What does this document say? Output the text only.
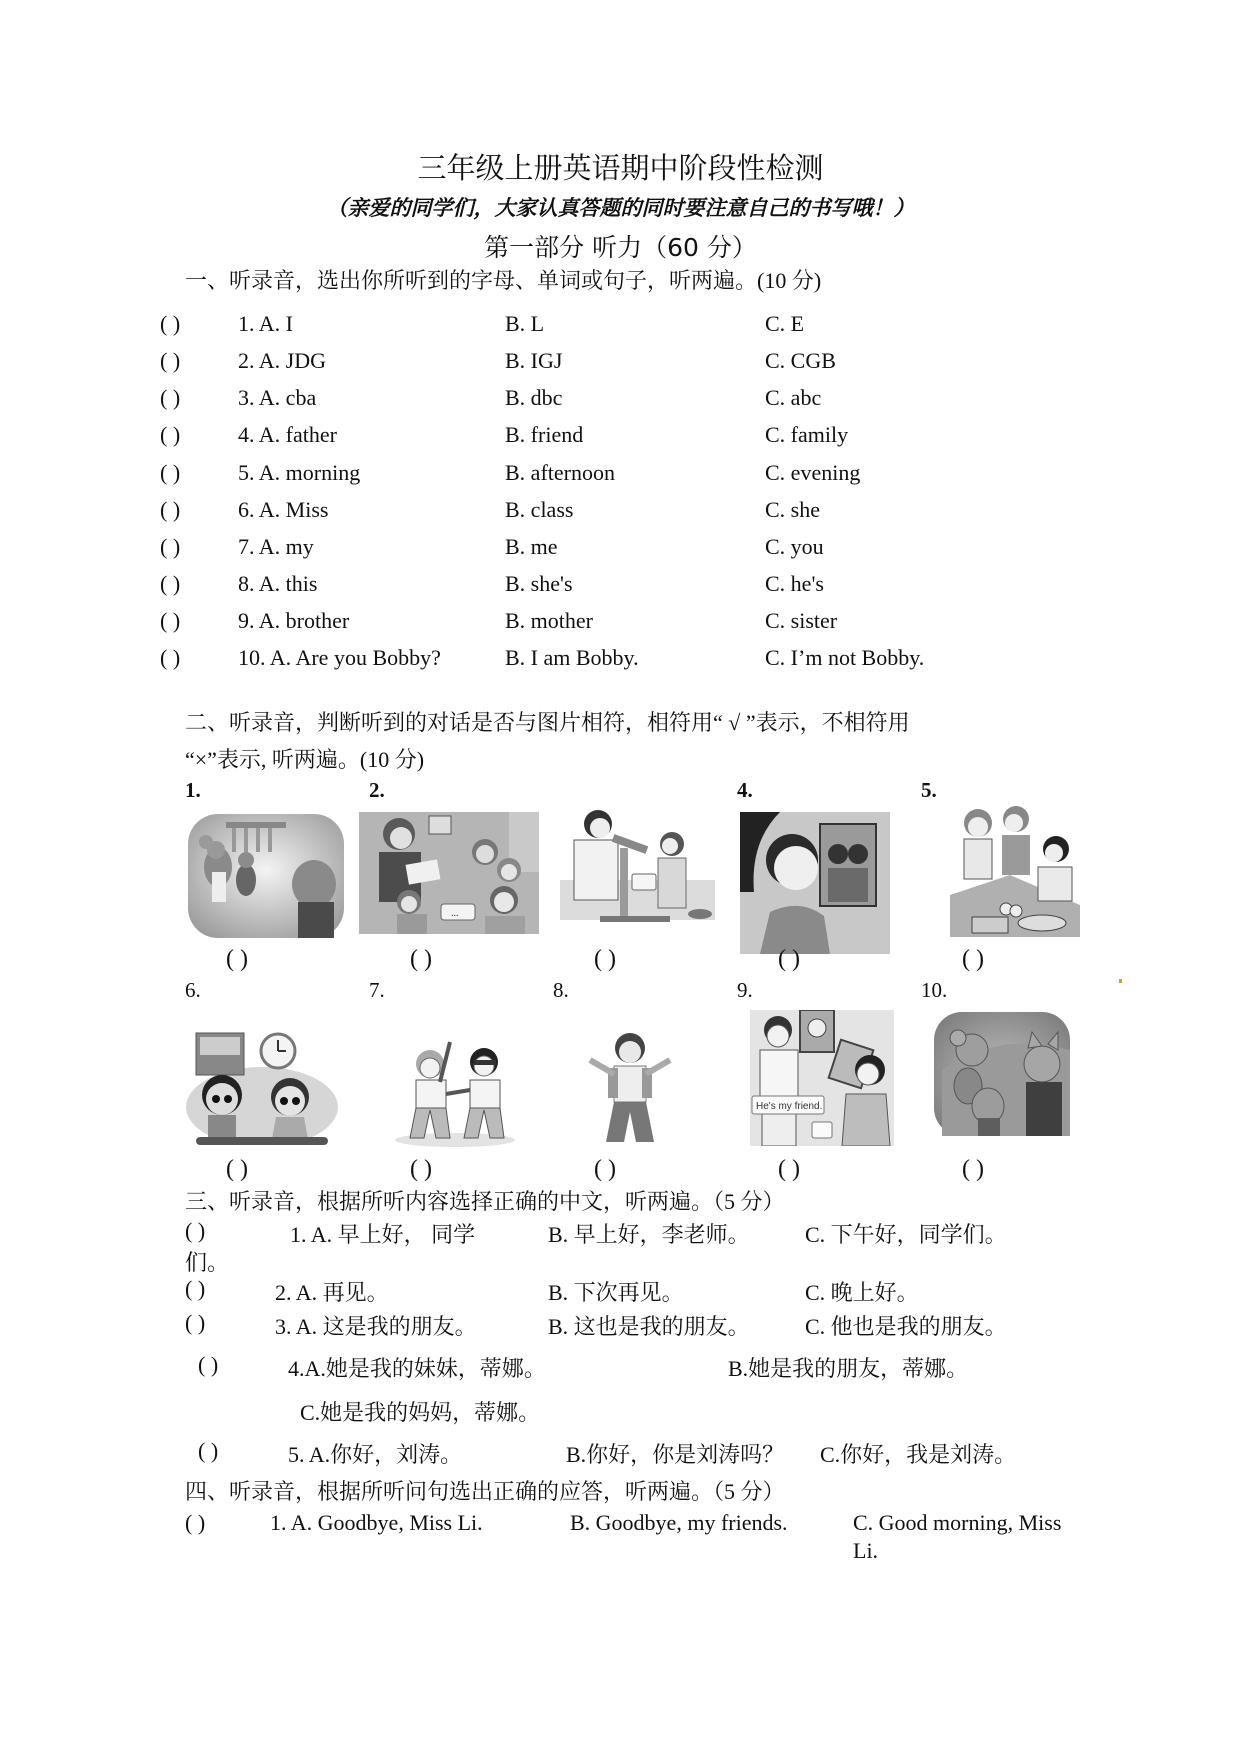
三年级上册英语期中阶段性检测
（亲爱的同学们，大家认真答题的同时要注意自己的书写哦！）
第一部分 听力（60 分）
一、听录音，选出你所听到的字母、单词或句子，听两遍。(10 分)
( )	1. A. I	B. L	C. E
( )	2. A. JDG	B. IGJ	C. CGB
( )	3. A. cba	B. dbc	C. abc
( )	4. A. father	B. friend	C. family
( )	5. A. morning	B. afternoon	C. evening
( )	6. A. Miss	B. class	C. she
( )	7. A. my	B. me	C. you
( )	8. A. this	B. she's	C. he's
( )	9. A. brother	B. mother	C. sister
( )	10. A. Are you Bobby?	B. I am Bobby.	C. I’m not Bobby.
二、听录音，判断听到的对话是否与图片相符，相符用“ √ ”表示，不相符用
“×”表示, 听两遍。(10 分)
1.	2.	4.	5.
...
( )	( )	( )	( )	( )
6.	7.	8.	9.	10.
He's my friend.
( )	( )	( )	( )	( )
三、听录音，根据所听内容选择正确的中文，听两遍。（5 分）
( )	1. A. 早上好， 同学	B. 早上好，李老师。	C. 下午好，同学们。
们。
( )	2. A. 再见。	B. 下次再见。	C. 晚上好。
( )	3. A. 这是我的朋友。	B. 这也是我的朋友。	C. 他也是我的朋友。
( )	4.A.她是我的妹妹，蒂娜。	B.她是我的朋友，蒂娜。
C.她是我的妈妈，蒂娜。
( )	5. A.你好，刘涛。	B.你好，你是刘涛吗？ C.你好，我是刘涛。
四、听录音，根据所听问句选出正确的应答，听两遍。（5 分）
( )	1. A. Goodbye, Miss Li.	B. Goodbye, my friends.	C. Good morning, Miss
Li.
